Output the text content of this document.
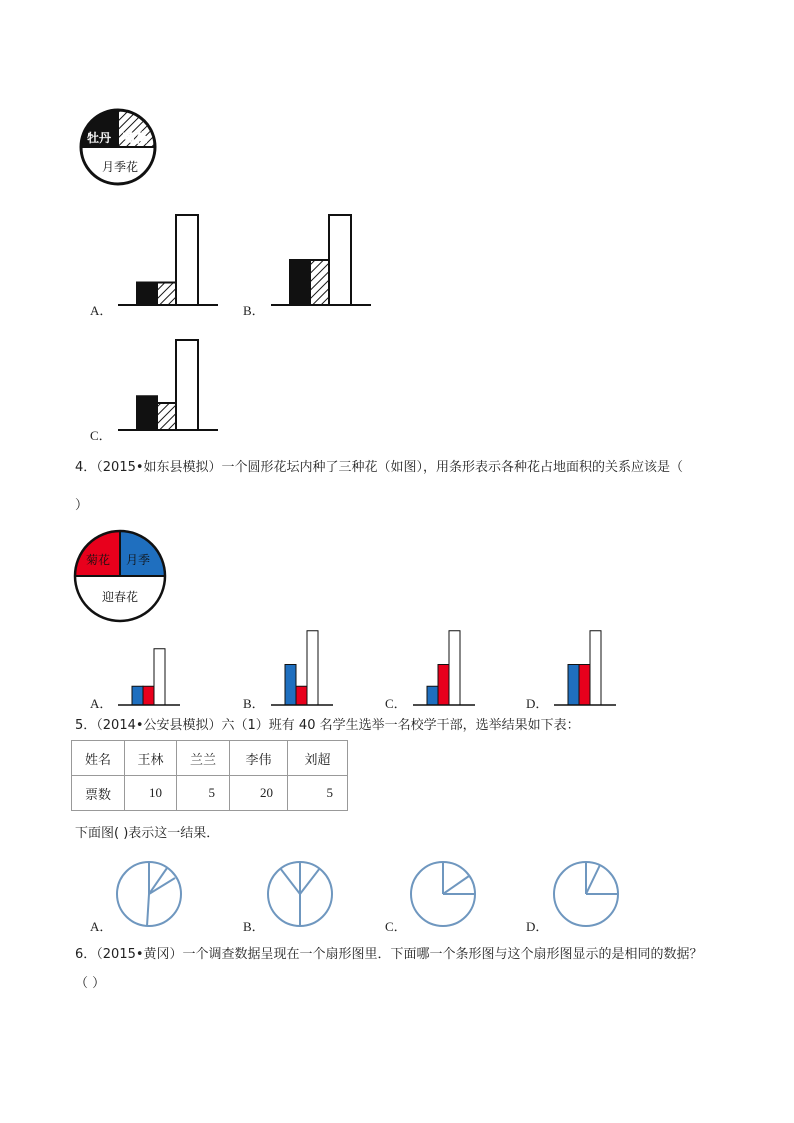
牡丹 菊花
月季花
A．	B．
C．
4．（2015•如东县模拟）一个圆形花坛内种了三种花（如图），用条形表示各种花占地面积的关系应该是（
）
菊花 月季
迎春花
A．	B．	C．	D．
5．（2014•公安县模拟）六（1）班有 40 名学生选举一名校学干部，选举结果如下表：
姓名	王林	兰兰	李伟	刘超
票数	10	5	20	5
下面图( )表示这一结果．
A．	B．	C．	D．
6．（2015•黄冈）一个调查数据呈现在一个扇形图里．下面哪一个条形图与这个扇形图显示的是相同的数据？
（ ）
